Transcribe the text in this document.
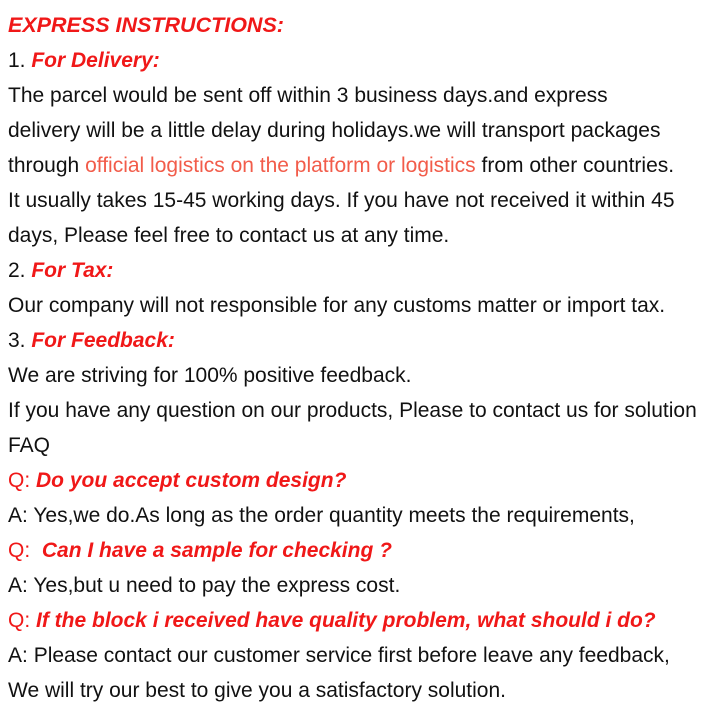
EXPRESS INSTRUCTIONS:
1. For Delivery:
The parcel would be sent off within 3 business days.and express
delivery will be a little delay during holidays.we will transport packages
through official logistics on the platform or logistics from other countries.
It usually takes 15-45 working days. If you have not received it within 45
days, Please feel free to contact us at any time.
2. For Tax:
Our company will not responsible for any customs matter or import tax.
3. For Feedback:
We are striving for 100% positive feedback.
If you have any question on our products, Please to contact us for solution
FAQ
Q: Do you accept custom design?
A: Yes,we do.As long as the order quantity meets the requirements,
Q: Can I have a sample for checking ?
A: Yes,but u need to pay the express cost.
Q: If the block i received have quality problem, what should i do?
A: Please contact our customer service first before leave any feedback,
We will try our best to give you a satisfactory solution.
